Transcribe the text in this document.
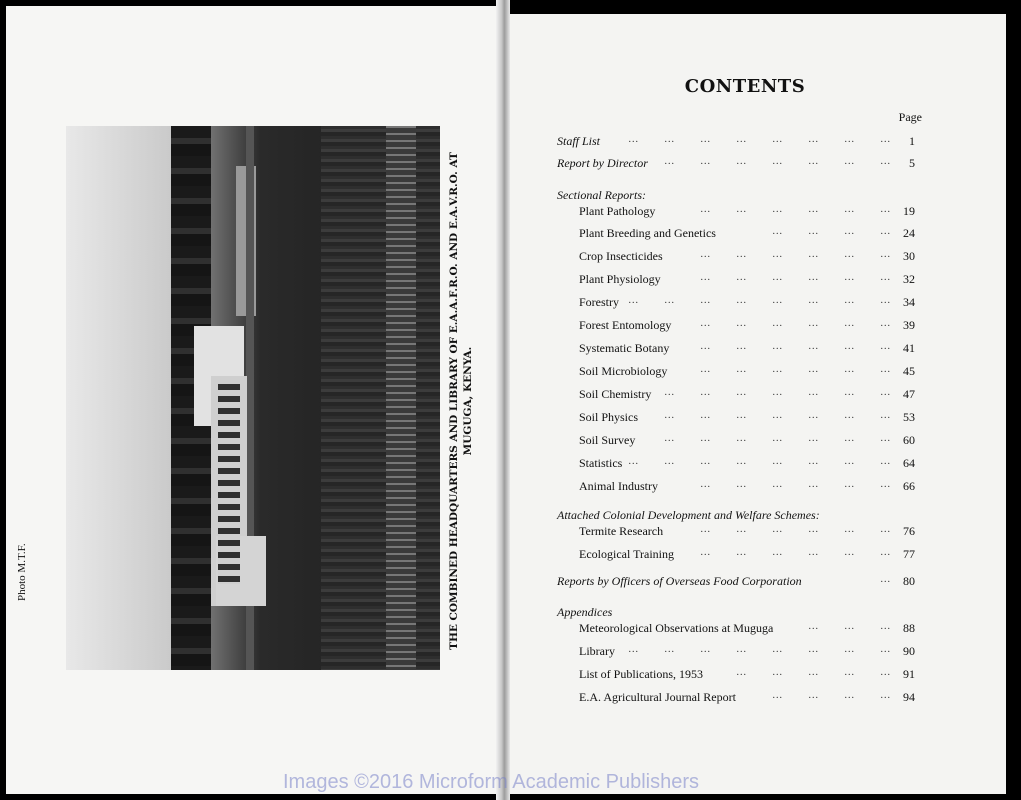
Photo M.T.F.	THE COMBINED HEADQUARTERS AND LIBRARY OF E.A.A.F.R.O. AND E.A.V.R.O. AT MUGUGA, KENYA.
CONTENTS
Page
Staff List	... ... ... ... ... ... ... ...	1
Report by Director ... ... ... ... ... ... ...	5
Sectional Reports:
Plant Pathology	... ... ... ... ... ...	19
Plant Breeding and Genetics	... ... ... ...	24
Crop Insecticides	... ... ... ... ... ...	30
Plant Physiology	... ... ... ... ... ...	32
Forestry ... ... ... ... ... ... ... ...	34
Forest Entomology	... ... ... ... ... ...	39
Systematic Botany	... ... ... ... ... ...	41
Soil Microbiology	... ... ... ... ... ...	45
Soil Chemistry ... ... ... ... ... ... ...	47
Soil Physics	... ... ... ... ... ... ...	53
Soil Survey	... ... ... ... ... ... ...	60
Statistics ... ... ... ... ... ... ... ...	64
Animal Industry	... ... ... ... ... ...	66
Attached Colonial Development and Welfare Schemes:
Termite Research	... ... ... ... ... ...	76
Ecological Training	... ... ... ... ... ...	77
Reports by Officers of Overseas Food Corporation	...	80
Appendices
Meteorological Observations at Muguga	... ... ...	88
Library ... ... ... ... ... ... ... ...	90
List of Publications, 1953	... ... ... ... ...	91
E.A. Agricultural Journal Report	... ... ... ...	94
Images ©2016 Microform Academic Publishers
